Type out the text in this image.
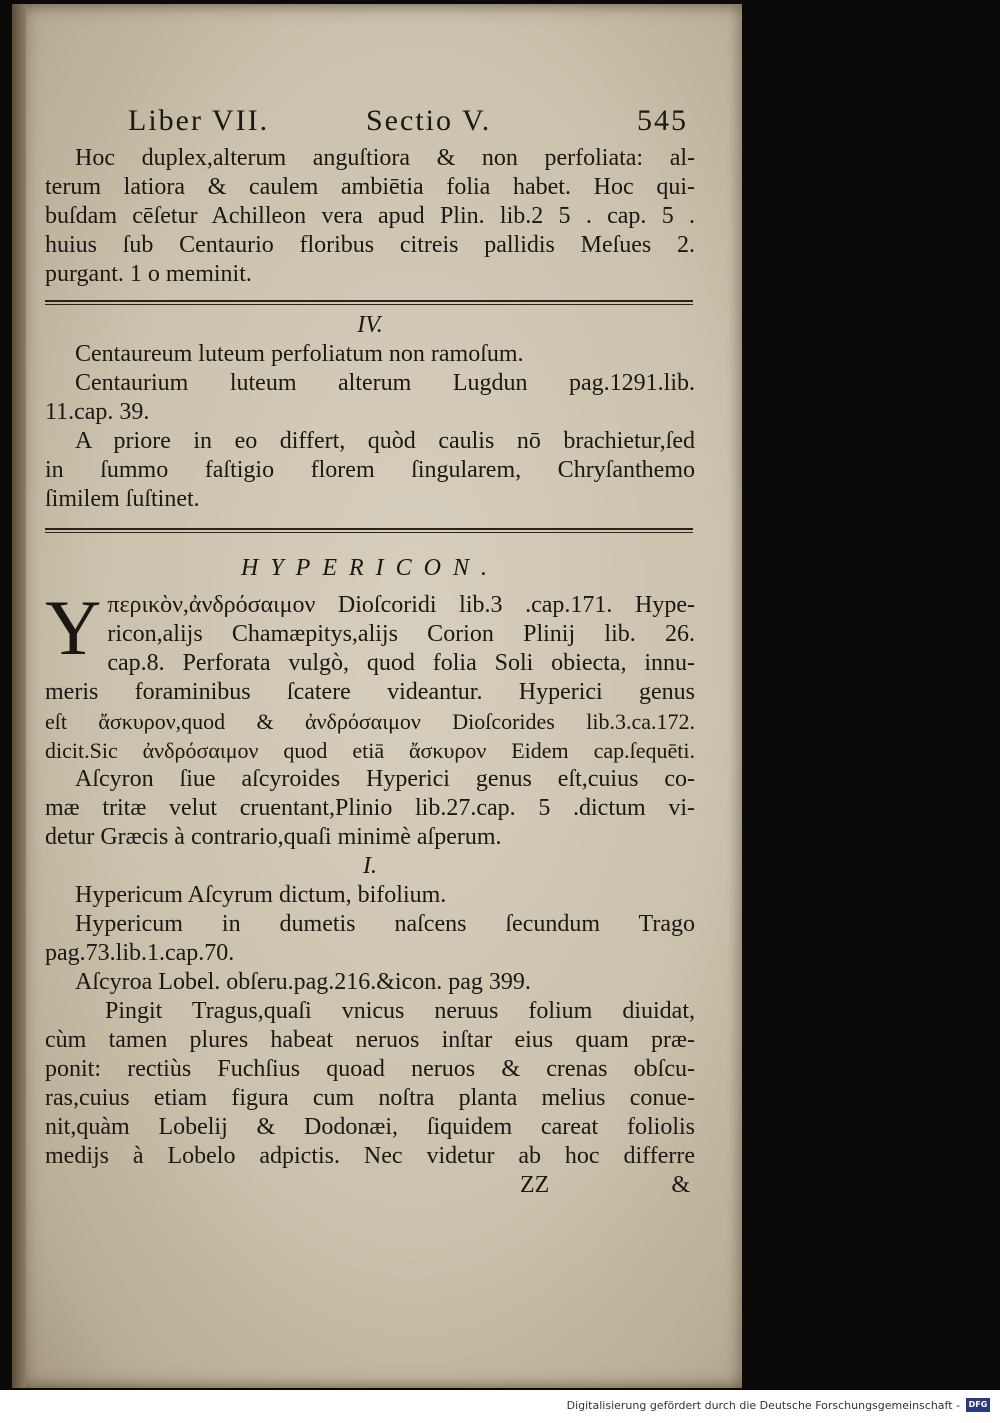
Liber VII.	Sectio V.	545
Hoc duplex,alterum anguſtiora & non perfoliata: al-
terum latiora & caulem ambiētia folia habet. Hoc qui-
buſdam cēſetur Achilleon vera apud Plin. lib.2 5 . cap. 5 .
huius ſub Centaurio floribus citreis pallidis Meſues 2.
purgant. 1 o meminit.
IV.
Centaureum luteum perfoliatum non ramoſum.
Centaurium luteum alterum Lugdun pag.1291.lib.
11.cap. 39.
A priore in eo differt, quòd caulis nō brachietur,ſed
in ſummo faſtigio florem ſingularem, Chryſanthemo
ſimilem ſuſtinet.
HYPERICON.
Y περικὸν,ἀνδρόσαιμον Dioſcoridi lib.3 .cap.171. Hype-
ricon,alijs Chamæpitys,alijs Corion Plinij lib. 26.
cap.8. Perforata vulgò, quod folia Soli obiecta, innu-
meris foraminibus ſcatere videantur. Hyperici genus
eſt ἄσκυρον,quod & ἀνδρόσαιμον Dioſcorides lib.3.ca.172.
dicit.Sic ἀνδρόσαιμον quod etiā ἄσκυρον Eidem cap.ſequēti.
Aſcyron ſiue aſcyroides Hyperici genus eſt,cuius co-
mæ tritæ velut cruentant,Plinio lib.27.cap. 5 .dictum vi-
detur Græcis à contrario,quaſi minimè aſperum.
I.
Hypericum Aſcyrum dictum, bifolium.
Hypericum in dumetis naſcens ſecundum Trago
pag.73.lib.1.cap.70.
Aſcyroa Lobel. obſeru.pag.216.&icon. pag 399.
Pingit Tragus,quaſi vnicus neruus folium diuidat,
cùm tamen plures habeat neruos inſtar eius quam præ-
ponit: rectiùs Fuchſius quoad neruos & crenas obſcu-
ras,cuius etiam figura cum noſtra planta melius conue-
nit,quàm Lobelij & Dodonæi, ſiquidem careat foliolis
medijs à Lobelo adpictis. Nec videtur ab hoc differre
ZZ	&
Digitalisierung gefördert durch die Deutsche Forschungsgemeinschaft -	DFG
